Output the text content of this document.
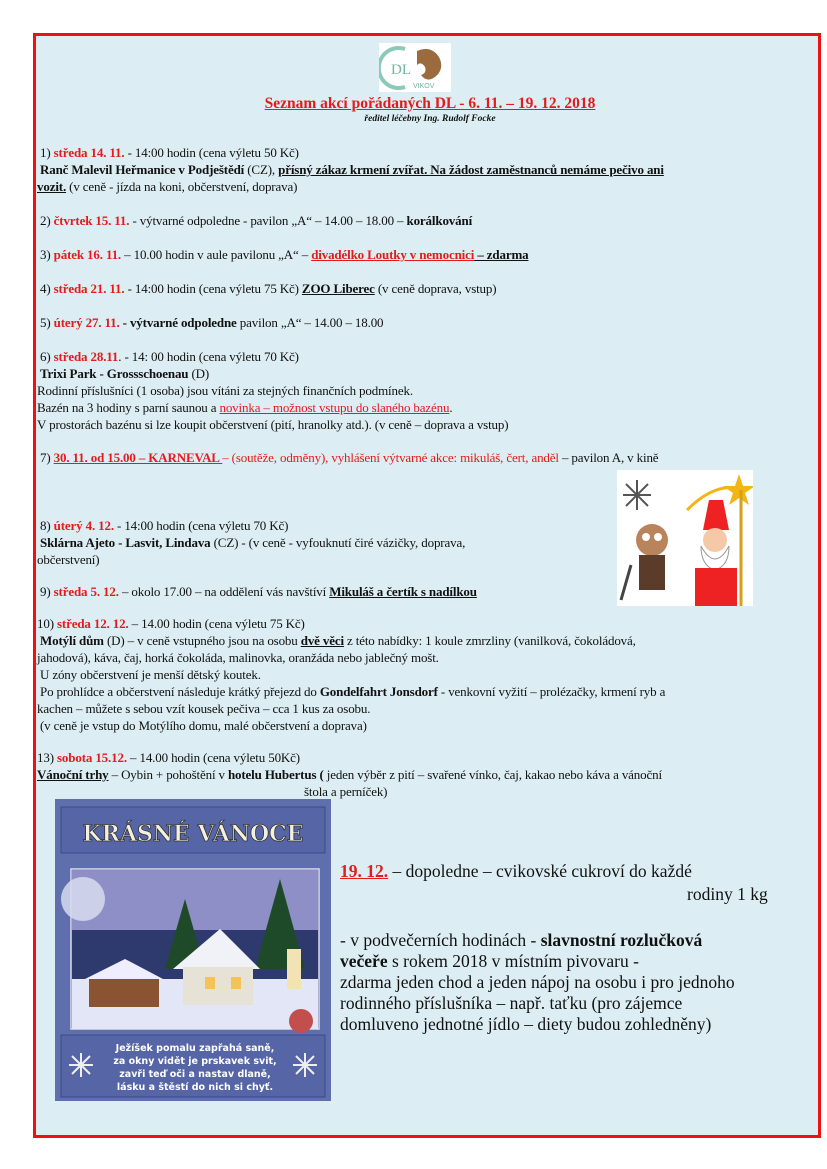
DL
VIKOV
Seznam akcí pořádaných DL - 6. 11. – 19. 12. 2018
ředitel léčebny Ing. Rudolf Focke
1) středa 14. 11. - 14:00 hodin (cena výletu 50 Kč)
Ranč Malevil Heřmanice v Podještědí (CZ), přísný zákaz krmení zvířat. Na žádost zaměstnanců nemáme pečivo ani
vozit. (v ceně - jízda na koni, občerstvení, doprava)
2) čtvrtek 15. 11. - výtvarné odpoledne - pavilon „A“ – 14.00 – 18.00 – korálkování
3) pátek 16. 11. – 10.00 hodin v aule pavilonu „A“ – divadélko Loutky v nemocnici – zdarma
4) středa 21. 11. - 14:00 hodin (cena výletu 75 Kč) ZOO Liberec (v ceně doprava, vstup)
5) úterý 27. 11. - výtvarné odpoledne pavilon „A“ – 14.00 – 18.00
6) středa 28.11. - 14: 00 hodin (cena výletu 70 Kč)
Trixi Park - Grossschoenau (D)
Rodinní příslušníci (1 osoba) jsou vítáni za stejných finančních podmínek.
Bazén na 3 hodiny s parní saunou a novinka – možnost vstupu do slaného bazénu.
V prostorách bazénu si lze koupit občerstvení (pití, hranolky atd.). (v ceně – doprava a vstup)
7) 30. 11. od 15.00 – KARNEVAL – (soutěže, odměny), vyhlášení výtvarné akce: mikuláš, čert, anděl – pavilon A, v kině
8) úterý 4. 12. - 14:00 hodin (cena výletu 70 Kč)
Sklárna Ajeto - Lasvit, Lindava (CZ) - (v ceně - vyfouknutí čiré vázičky, doprava,
občerstvení)
9) středa 5. 12. – okolo 17.00 – na oddělení vás navštíví Mikuláš a čertík s nadílkou
10) středa 12. 12. – 14.00 hodin (cena výletu 75 Kč)
Motýlí dům (D) – v ceně vstupného jsou na osobu dvě věci z této nabídky: 1 koule zmrzliny (vanilková, čokoládová,
jahodová), káva, čaj, horká čokoláda, malinovka, oranžáda nebo jablečný mošt.
U zóny občerstvení je menší dětský koutek.
Po prohlídce a občerstvení následuje krátký přejezd do Gondelfahrt Jonsdorf - venkovní vyžití – prolézačky, krmení ryb a
kachen – můžete s sebou vzít kousek pečiva – cca 1 kus za osobu.
(v ceně je vstup do Motýlího domu, malé občerstvení a doprava)
13) sobota 15.12. – 14.00 hodin (cena výletu 50Kč)
Vánoční trhy – Oybin + pohoštění v hotelu Hubertus ( jeden výběr z pití – svařené vínko, čaj, kakao nebo káva a vánoční
štola a perníček)
KRÁSNÉ VÁNOCE
Ježíšek pomalu zapřahá saně,
za okny vidět je prskavek svit,
zavři teď oči a nastav dlaně,
lásku a štěstí do nich si chyť.
19. 12. – dopoledne – cvikovské cukroví do každé
rodiny 1 kg
- v podvečerních hodinách - slavnostní rozlučková
večeře s rokem 2018 v místním pivovaru -
zdarma jeden chod a jeden nápoj na osobu i pro jednoho
rodinného příslušníka – např. taťku (pro zájemce
domluveno jednotné jídlo – diety budou zohledněny)
